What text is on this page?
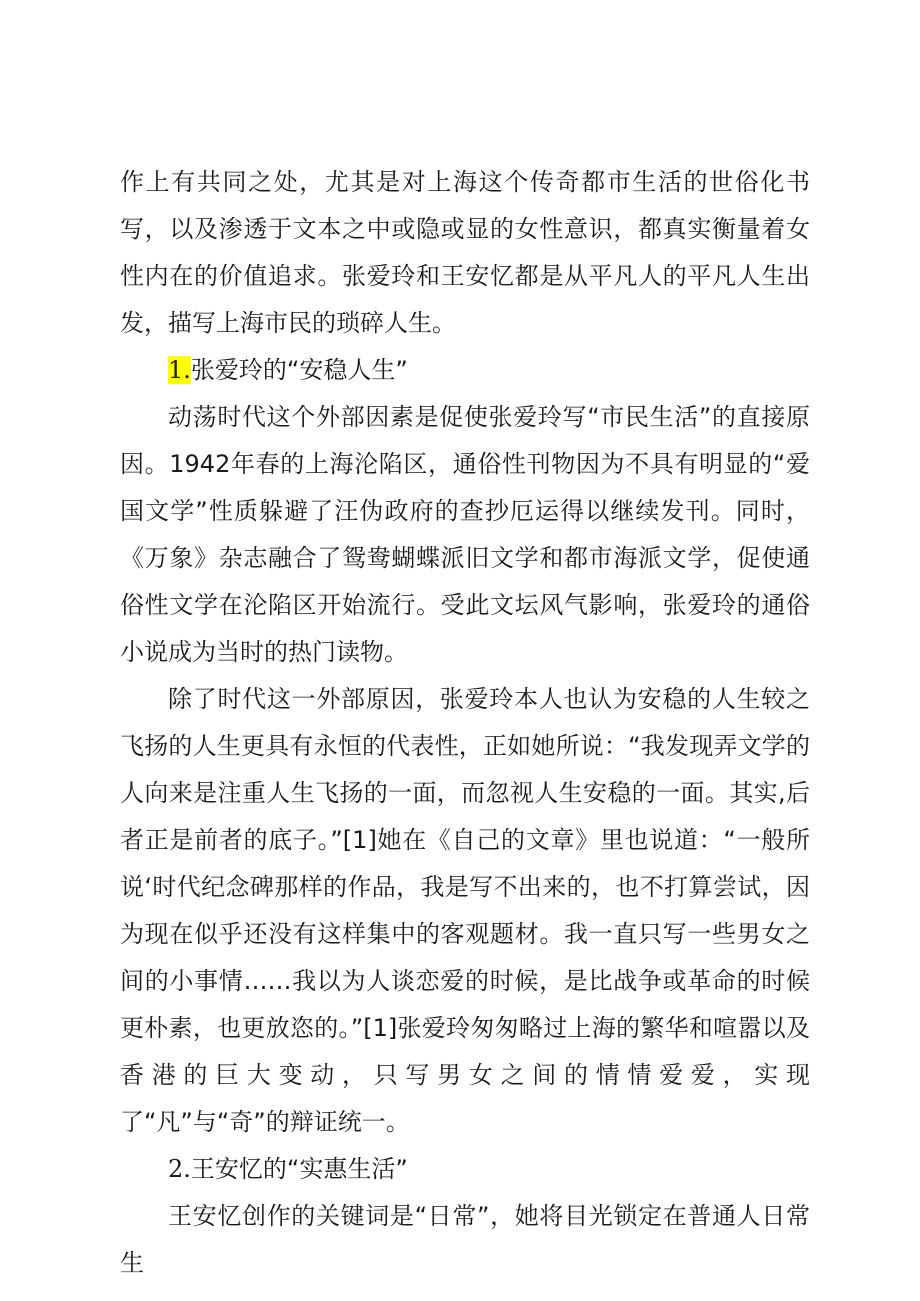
作上有共同之处，尤其是对上海这个传奇都市生活的世俗化书写，以及渗透于文本之中或隐或显的女性意识，都真实衡量着女性内在的价值追求。张爱玲和王安忆都是从平凡人的平凡人生出发，描写上海市民的琐碎人生。

1.张爱玲的“安稳人生”

动荡时代这个外部因素是促使张爱玲写“市民生活”的直接原因。1942年春的上海沦陷区，通俗性刊物因为不具有明显的“爱国文学”性质躲避了汪伪政府的查抄厄运得以继续发刊。同时，《万象》杂志融合了鸳鸯蝴蝶派旧文学和都市海派文学，促使通俗性文学在沦陷区开始流行。受此文坛风气影响，张爱玲的通俗小说成为当时的热门读物。

除了时代这一外部原因，张爱玲本人也认为安稳的人生较之飞扬的人生更具有永恒的代表性，正如她所说：“我发现弄文学的人向来是注重人生飞扬的一面，而忽视人生安稳的一面。其实,后者正是前者的底子。”[1]她在《自己的文章》里也说道：“一般所说‘时代纪念碑那样的作品，我是写不出来的，也不打算尝试，因为现在似乎还没有这样集中的客观题材。我一直只写一些男女之间的小事情……我以为人谈恋爱的时候，是比战争或革命的时候更朴素，也更放恣的。”[1]张爱玲匆匆略过上海的繁华和喧嚣以及香港的巨大变动，只写男女之间的情情爱爱，实现了“凡”与“奇”的辩证统一。

2.王安忆的“实惠生活”

王安忆创作的关键词是“日常”，她将目光锁定在普通人日常生
